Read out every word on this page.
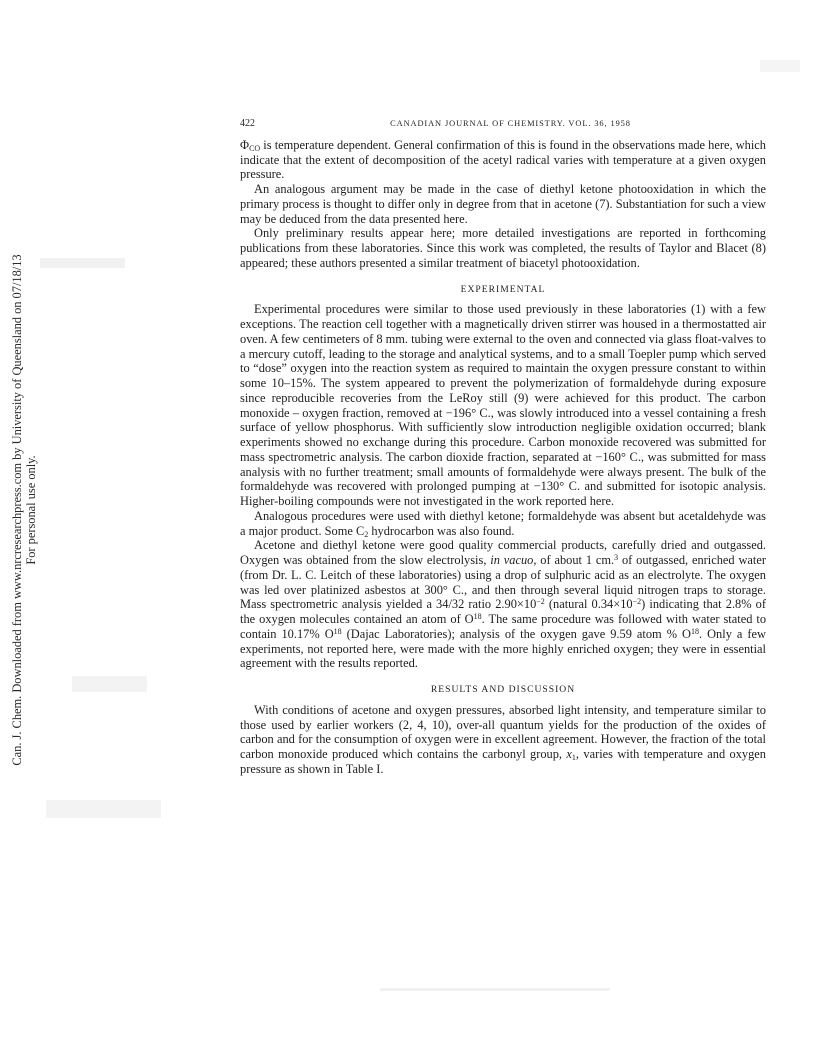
Can. J. Chem. Downloaded from www.nrcresearchpress.com by University of Queensland on 07/18/13 For personal use only.
422	CANADIAN JOURNAL OF CHEMISTRY. VOL. 36, 1958

$\Phi_{CO}$ is temperature dependent. General confirmation of this is found in the observations made here, which indicate that the extent of decomposition of the acetyl radical varies with temperature at a given oxygen pressure.

An analogous argument may be made in the case of diethyl ketone photooxidation in which the primary process is thought to differ only in degree from that in acetone (7). Substantiation for such a view may be deduced from the data presented here.

Only preliminary results appear here; more detailed investigations are reported in forthcoming publications from these laboratories. Since this work was completed, the results of Taylor and Blacet (8) appeared; these authors presented a similar treatment of biacetyl photooxidation.

EXPERIMENTAL

Experimental procedures were similar to those used previously in these laboratories (1) with a few exceptions. The reaction cell together with a magnetically driven stirrer was housed in a thermostatted air oven. A few centimeters of 8 mm. tubing were external to the oven and connected via glass float-valves to a mercury cutoff, leading to the storage and analytical systems, and to a small Toepler pump which served to “dose” oxygen into the reaction system as required to maintain the oxygen pressure constant to within some 10–15%. The system appeared to prevent the polymerization of formaldehyde during exposure since reproducible recoveries from the LeRoy still (9) were achieved for this product. The carbon monoxide – oxygen fraction, removed at −196° C., was slowly introduced into a vessel containing a fresh surface of yellow phosphorus. With sufficiently slow introduction negligible oxidation occurred; blank experiments showed no exchange during this procedure. Carbon monoxide recovered was submitted for mass spectrometric analysis. The carbon dioxide fraction, separated at −160° C., was submitted for mass analysis with no further treatment; small amounts of formaldehyde were always present. The bulk of the formaldehyde was recovered with prolonged pumping at −130° C. and submitted for isotopic analysis. Higher-boiling compounds were not investigated in the work reported here.

Analogous procedures were used with diethyl ketone; formaldehyde was absent but acetaldehyde was a major product. Some $C_2$ hydrocarbon was also found.

Acetone and diethyl ketone were good quality commercial products, carefully dried and outgassed. Oxygen was obtained from the slow electrolysis, in vacuo, of about 1 cm.$^3$ of outgassed, enriched water (from Dr. L. C. Leitch of these laboratories) using a drop of sulphuric acid as an electrolyte. The oxygen was led over platinized asbestos at 300° C., and then through several liquid nitrogen traps to storage. Mass spectrometric analysis yielded a 34/32 ratio $2.90\times 10^{-2}$ (natural $0.34\times 10^{-2}$) indicating that 2.8% of the oxygen molecules contained an atom of $O^{18}$. The same procedure was followed with water stated to contain 10.17% $O^{18}$ (Dajac Laboratories); analysis of the oxygen gave 9.59 atom % $O^{18}$. Only a few experiments, not reported here, were made with the more highly enriched oxygen; they were in essential agreement with the results reported.

RESULTS AND DISCUSSION

With conditions of acetone and oxygen pressures, absorbed light intensity, and temperature similar to those used by earlier workers (2, 4, 10), over-all quantum yields for the production of the oxides of carbon and for the consumption of oxygen were in excellent agreement. However, the fraction of the total carbon monoxide produced which contains the carbonyl group, $x_1$, varies with temperature and oxygen pressure as shown in Table I.
